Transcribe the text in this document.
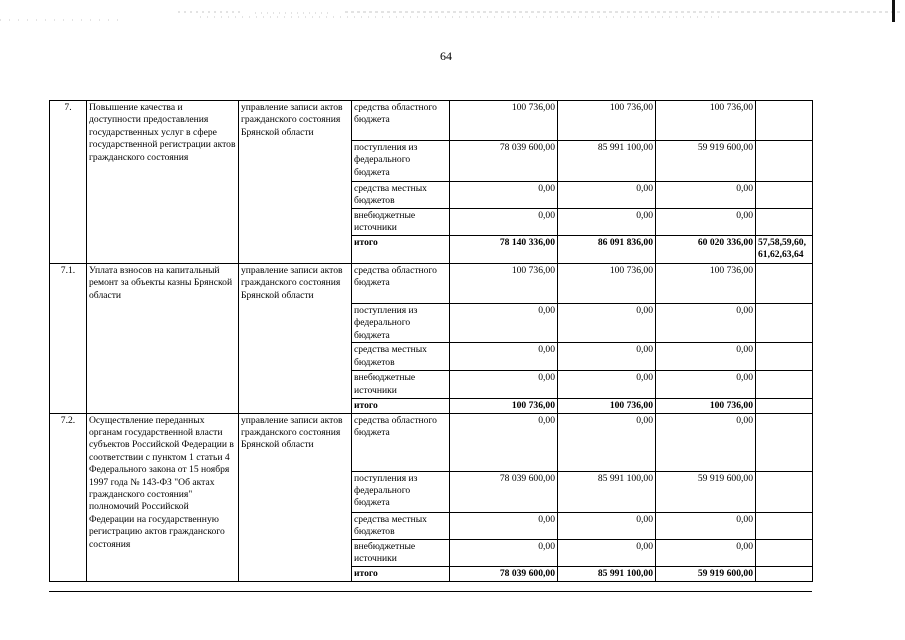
64
7.	Повышение качества и доступности предоставления государственных услуг в сфере государственной регистрации актов гражданского состояния	управление записи актов гражданского состояния Брянской области	средства областного бюджета	100 736,00	100 736,00	100 736,00	
			поступления из федерального бюджета	78 039 600,00	85 991 100,00	59 919 600,00	
			средства местных бюджетов	0,00	0,00	0,00	
			внебюджетные источники	0,00	0,00	0,00	
			итого	78 140 336,00	86 091 836,00	60 020 336,00	57,58,59,60, 61,62,63,64
7.1.	Уплата взносов на капитальный ремонт за объекты казны Брянской области	управление записи актов гражданского состояния Брянской области	средства областного бюджета	100 736,00	100 736,00	100 736,00	
			поступления из федерального бюджета	0,00	0,00	0,00	
			средства местных бюджетов	0,00	0,00	0,00	
			внебюджетные источники	0,00	0,00	0,00	
			итого	100 736,00	100 736,00	100 736,00	
7.2.	Осуществление переданных органам государственной власти субъектов Российской Федерации в соответствии с пунктом 1 статьи 4 Федерального закона от 15 ноября 1997 года № 143-ФЗ "Об актах гражданского состояния" полномочий Российской Федерации на государственную регистрацию актов гражданского состояния	управление записи актов гражданского состояния Брянской области	средства областного бюджета	0,00	0,00	0,00	
			поступления из федерального бюджета	78 039 600,00	85 991 100,00	59 919 600,00	
			средства местных бюджетов	0,00	0,00	0,00	
			внебюджетные источники	0,00	0,00	0,00	
			итого	78 039 600,00	85 991 100,00	59 919 600,00	
